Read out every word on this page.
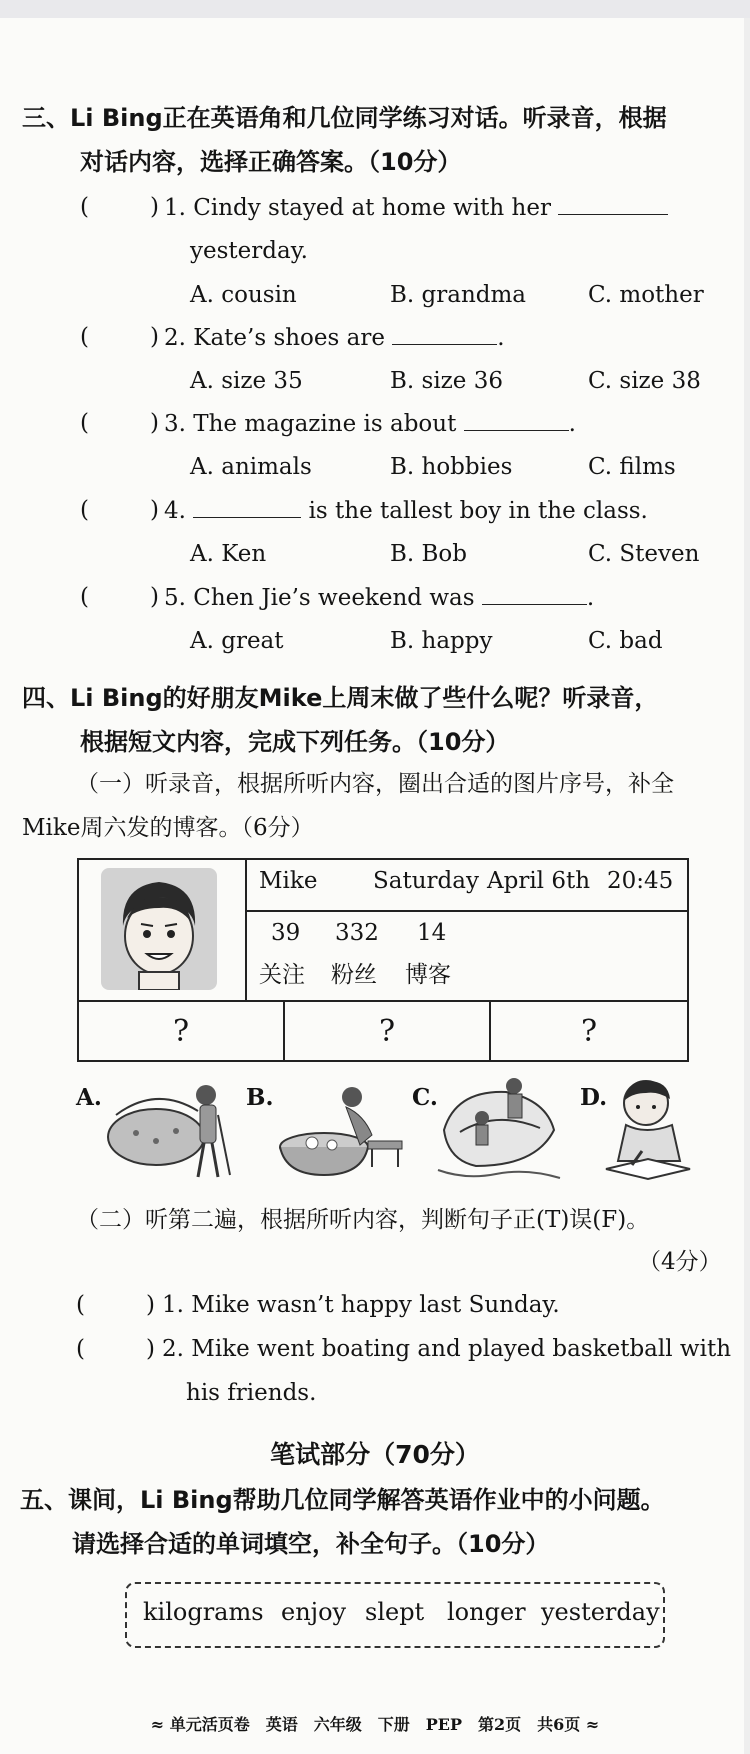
三、Li Bing正在英语角和几位同学练习对话。听录音，根据
对话内容，选择正确答案。（10分）
(	) 1. Cindy stayed at home with her
yesterday.
A. cousin	B. grandma	C. mother
(	) 2. Kate’s shoes are	.
A. size 35	B. size 36	C. size 38
(	) 3. The magazine is about	.
A. animals	B. hobbies	C. films
(	) 4.	is the tallest boy in the class.
A. Ken	B. Bob	C. Steven
(	) 5. Chen Jie’s weekend was	.
A. great	B. happy	C. bad
四、Li Bing的好朋友Mike上周末做了些什么呢？听录音，
根据短文内容，完成下列任务。（10分）
（一）听录音，根据所听内容，圈出合适的图片序号，补全
Mike周六发的博客。（6分）
Mike Saturday April 6th 20:45
39 332 14
关注 粉丝 博客
?	?	?
A.	B.	C.	D.
（二）听第二遍，根据所听内容，判断句子正(T)误(F)。
（4分）
(	) 1. Mike wasn’t happy last Sunday.
(	) 2. Mike went boating and played basketball with
his friends.
笔试部分（70分）
五、课间，Li Bing帮助几位同学解答英语作业中的小问题。
请选择合适的单词填空，补全句子。（10分）
kilograms enjoy slept longer yesterday
≈ 单元活页卷　英语　六年级　下册　PEP　第2页　共6页 ≈
